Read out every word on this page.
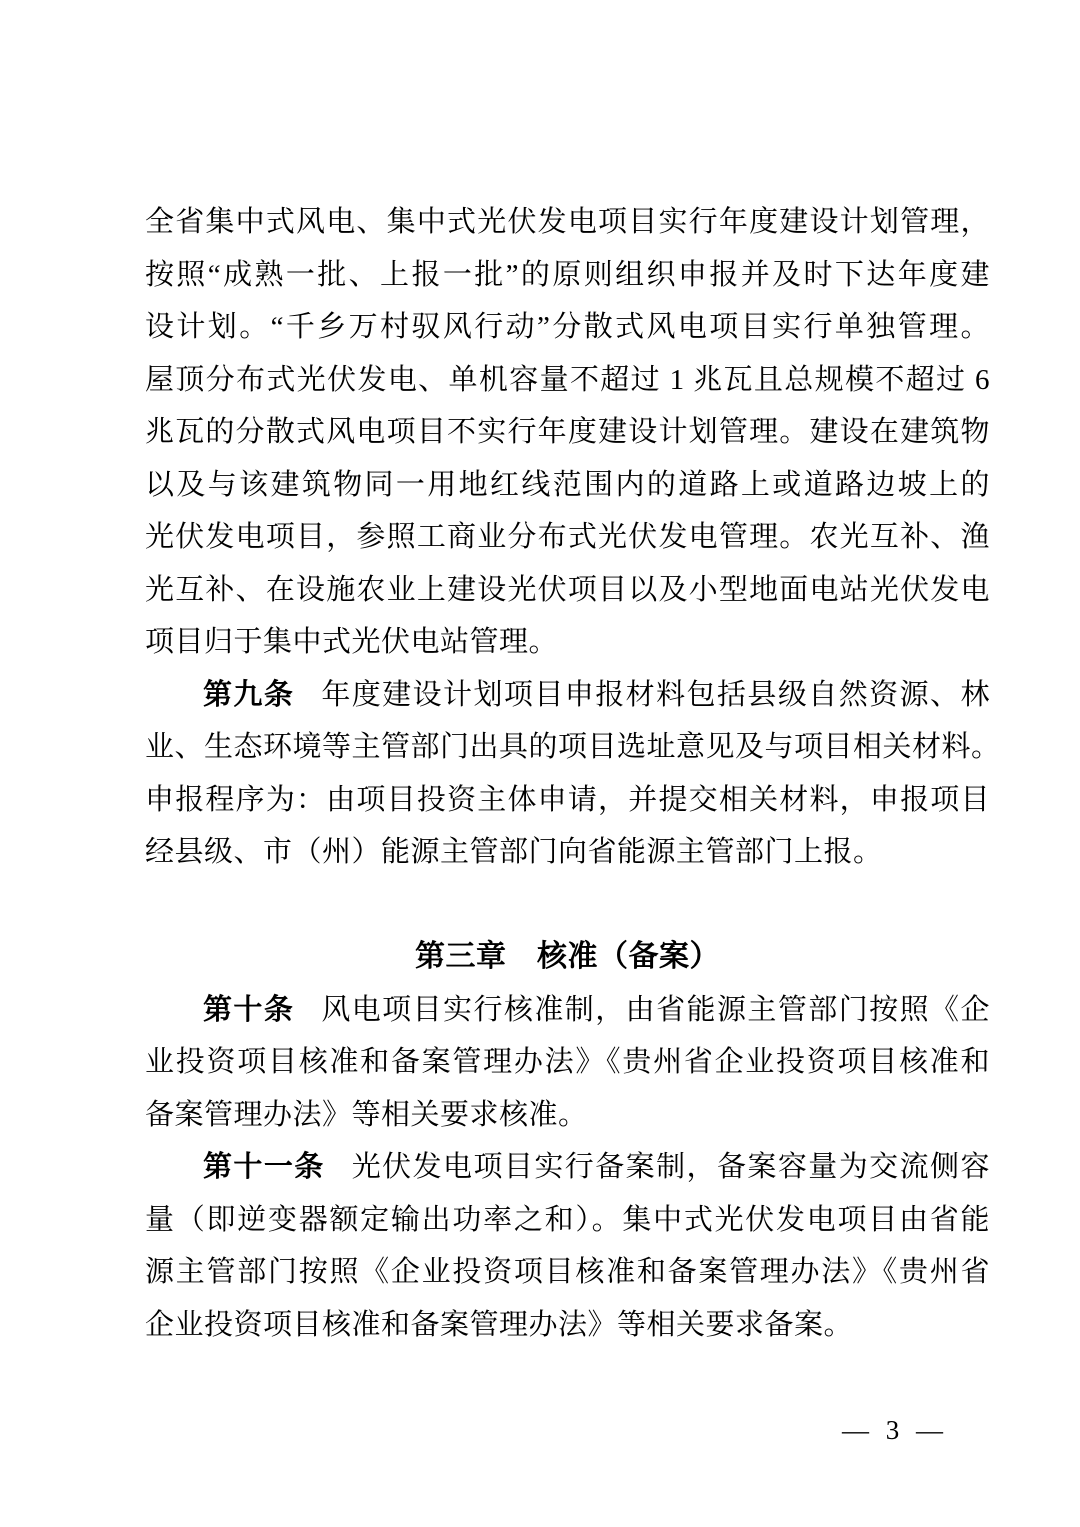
全省集中式风电、集中式光伏发电项目实行年度建设计划管理，
按照“成熟一批、上报一批”的原则组织申报并及时下达年度建
设计划。“千乡万村驭风行动”分散式风电项目实行单独管理。
屋顶分布式光伏发电、单机容量不超过 1 兆瓦且总规模不超过 6
兆瓦的分散式风电项目不实行年度建设计划管理。建设在建筑物
以及与该建筑物同一用地红线范围内的道路上或道路边坡上的
光伏发电项目，参照工商业分布式光伏发电管理。农光互补、渔
光互补、在设施农业上建设光伏项目以及小型地面电站光伏发电
项目归于集中式光伏电站管理。
第九条 年度建设计划项目申报材料包括县级自然资源、林
业、生态环境等主管部门出具的项目选址意见及与项目相关材料。
申报程序为：由项目投资主体申请，并提交相关材料，申报项目
经县级、市（州）能源主管部门向省能源主管部门上报。
第三章　核准（备案）
第十条 风电项目实行核准制，由省能源主管部门按照《企
业投资项目核准和备案管理办法》《贵州省企业投资项目核准和
备案管理办法》等相关要求核准。
第十一条 光伏发电项目实行备案制，备案容量为交流侧容
量（即逆变器额定输出功率之和）。集中式光伏发电项目由省能
源主管部门按照《企业投资项目核准和备案管理办法》《贵州省
企业投资项目核准和备案管理办法》等相关要求备案。
— 3 —
